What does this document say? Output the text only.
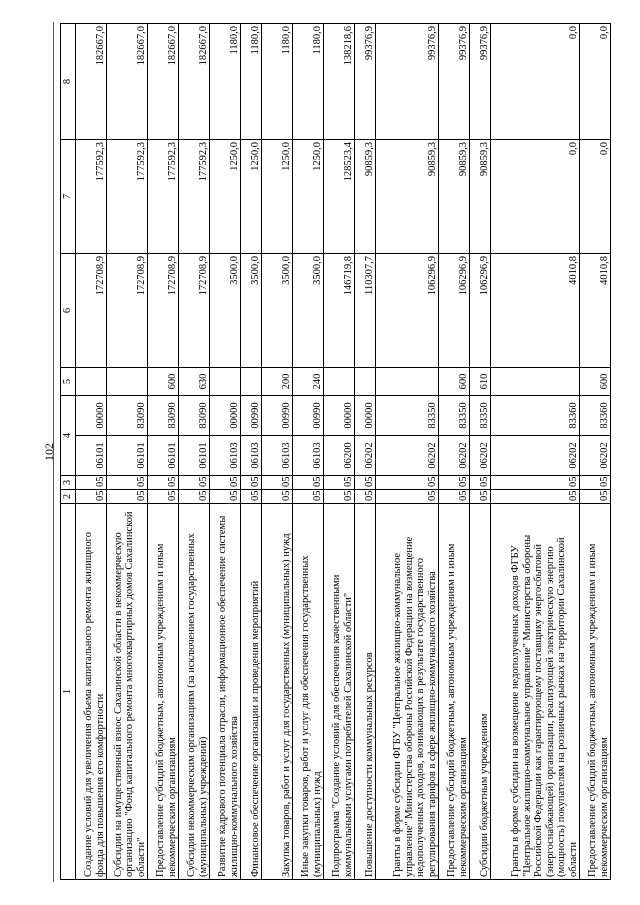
102
1	2	3	4		5	6	7	8
Создание условий для увеличения объема капитального ремонта жилищного фонда для повышения его комфортности	05	05	06101	00000		172708,9	177592,3	182667,0
Субсидии на имущественный взнос Сахалинской области в некоммерческую организацию "Фонд капитального ремонта многоквартирных домов Сахалинской области"	05	05	06101	83090		172708,9	177592,3	182667,0
Предоставление субсидий бюджетным, автономным учреждениям и иным некоммерческим организациям	05	05	06101	83090	600	172708,9	177592,3	182667,0
Субсидии некоммерческим организациям (за исключением государственных (муниципальных) учреждений)	05	05	06101	83090	630	172708,9	177592,3	182667,0
Развитие кадрового потенциала отрасли, информационное обеспечение системы жилищно-коммунального хозяйства	05	05	06103	00000		3500,0	1250,0	1180,0
Финансовое обеспечение организации и проведения мероприятий	05	05	06103	00990		3500,0	1250,0	1180,0
Закупка товаров, работ и услуг для государственных (муниципальных) нужд	05	05	06103	00990	200	3500,0	1250,0	1180,0
Иные закупки товаров, работ и услуг для обеспечения государственных (муниципальных) нужд	05	05	06103	00990	240	3500,0	1250,0	1180,0
Подпрограмма "Создание условий для обеспечения качественными коммунальными услугами потребителей Сахалинской области"	05	05	06200	00000		146719,8	128523,4	138218,6
Повышение доступности коммунальных ресурсов	05	05	06202	00000		110307,7	90859,3	99376,9
Гранты в форме субсидии ФГБУ "Центральное жилищно-коммунальное управление" Министерства обороны Российской Федерации на возмещение недополученных доходов, возникающих в результате государственного регулирования тарифов в сфере жилищно-коммунального хозяйства	05	05	06202	83350		106296,9	90859,3	99376,9
Предоставление субсидий бюджетным, автономным учреждениям и иным некоммерческим организациям	05	05	06202	83350	600	106296,9	90859,3	99376,9
Субсидии бюджетным учреждениям	05	05	06202	83350	610	106296,9	90859,3	99376,9
Гранты в форме субсидии на возмещение недополученных доходов ФГБУ "Центральное жилищно-коммунальное управление" Министерства обороны Российской Федерации как гарантирующему поставщику энергосбытовой (энергоснабжающей) организации, реализующей электрическую энергию (мощность) покупателям на розничных рынках на территории Сахалинской области	05	05	06202	83360		4010,8	0,0	0,0
Предоставление субсидий бюджетным, автономным учреждениям и иным некоммерческим организациям	05	05	06202	83360	600	4010,8	0,0	0,0
